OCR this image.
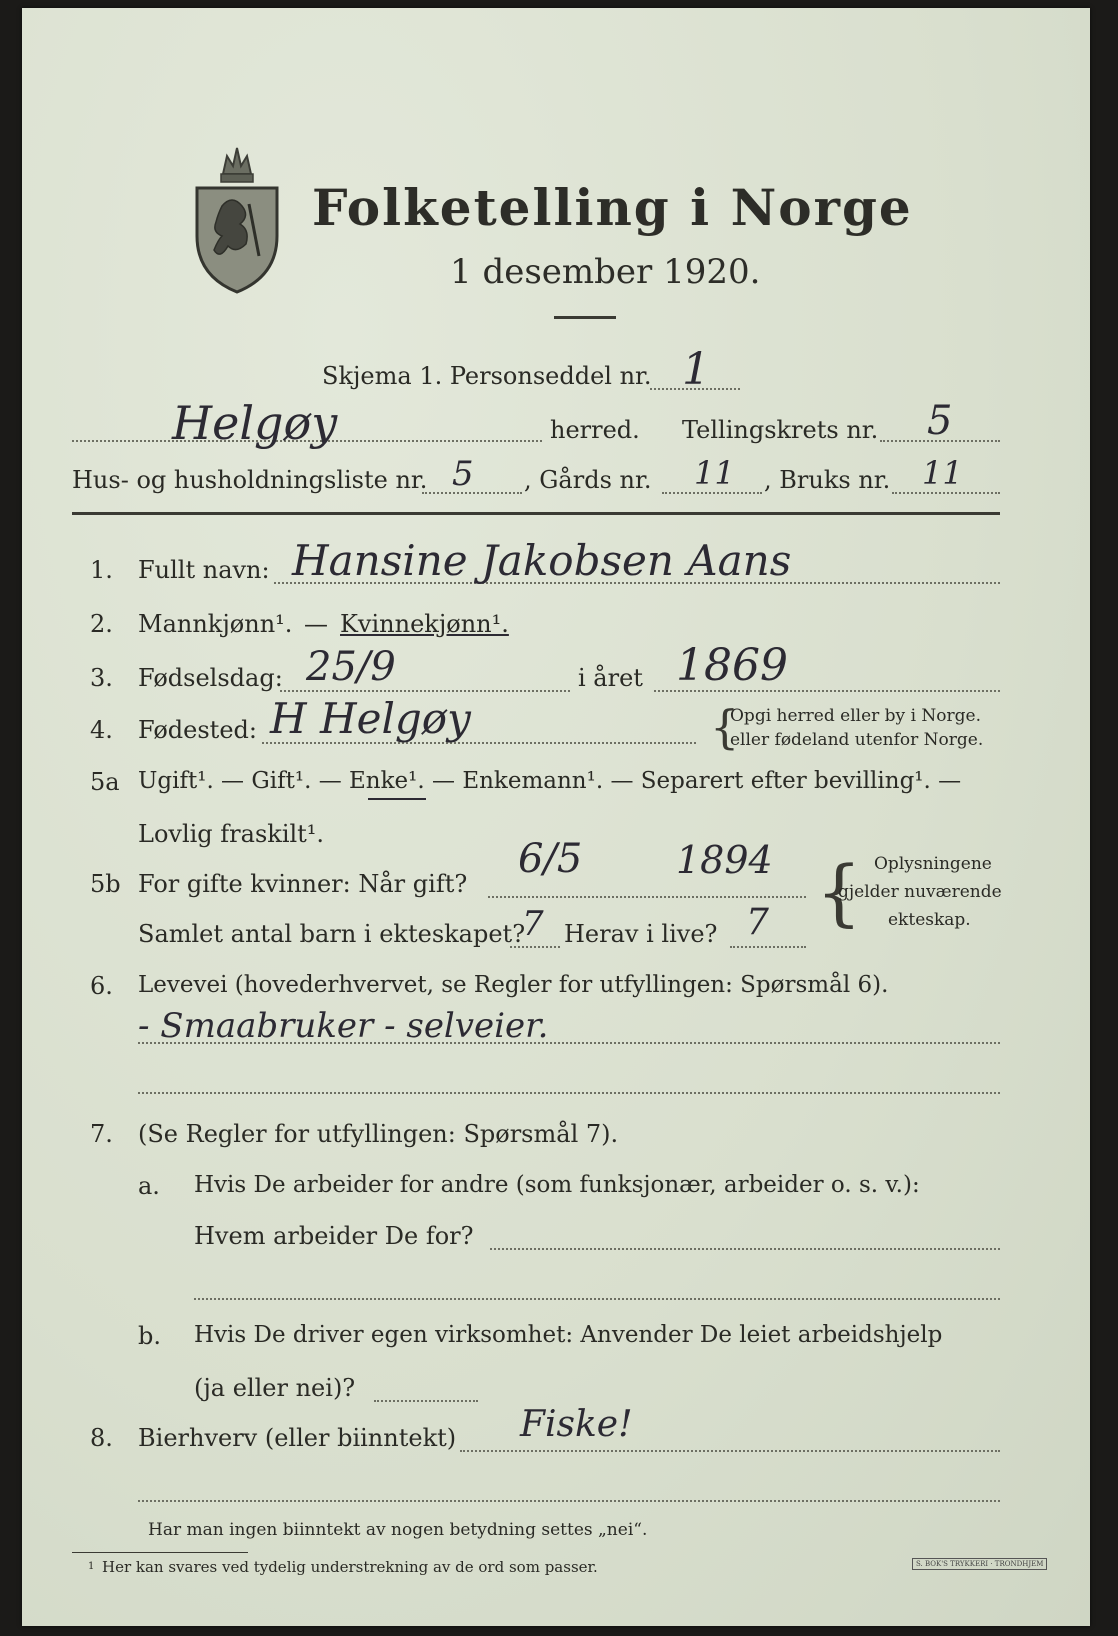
Folketelling i Norge
1 desember 1920.
Skjema 1. Personseddel nr. 1
Helgøy	herred. Tellingskrets nr. 5
Hus- og husholdningsliste nr. 5 , Gårds nr. 11 , Bruks nr. 11
1. Fullt navn: Hansine Jakobsen Aans
2. Mannkjønn¹. — Kvinnekjønn¹.
3. Fødselsdag: 25/9	i året 1869
4. Fødested: H Helgøy	{
Opgi herred eller by i Norge.
eller fødeland utenfor Norge.
5a Ugift¹. — Gift¹. — Enke¹. — Enkemann¹. — Separert efter bevilling¹. —
Lovlig fraskilt¹.
5b For gifte kvinner: Når gift?
6/5 1894
Samlet antal barn i ekteskapet?
7 Herav i live? 7 { Oplysningene
gjelder nuværende
ekteskap.
6. Levevei (hovederhvervet, se Regler for utfyllingen: Spørsmål 6).
- Smaabruker - selveier.
7. (Se Regler for utfyllingen: Spørsmål 7).
a. Hvis De arbeider for andre (som funksjonær, arbeider o. s. v.):
Hvem arbeider De for?
b. Hvis De driver egen virksomhet: Anvender De leiet arbeidshjelp
(ja eller nei)?
8. Bierhverv (eller biinntekt) Fiske!
Har man ingen biinntekt av nogen betydning settes „nei“.
1 Her kan svares ved tydelig understrekning av de ord som passer.	S. BOK'S TRYKKERI · TRONDHJEM
